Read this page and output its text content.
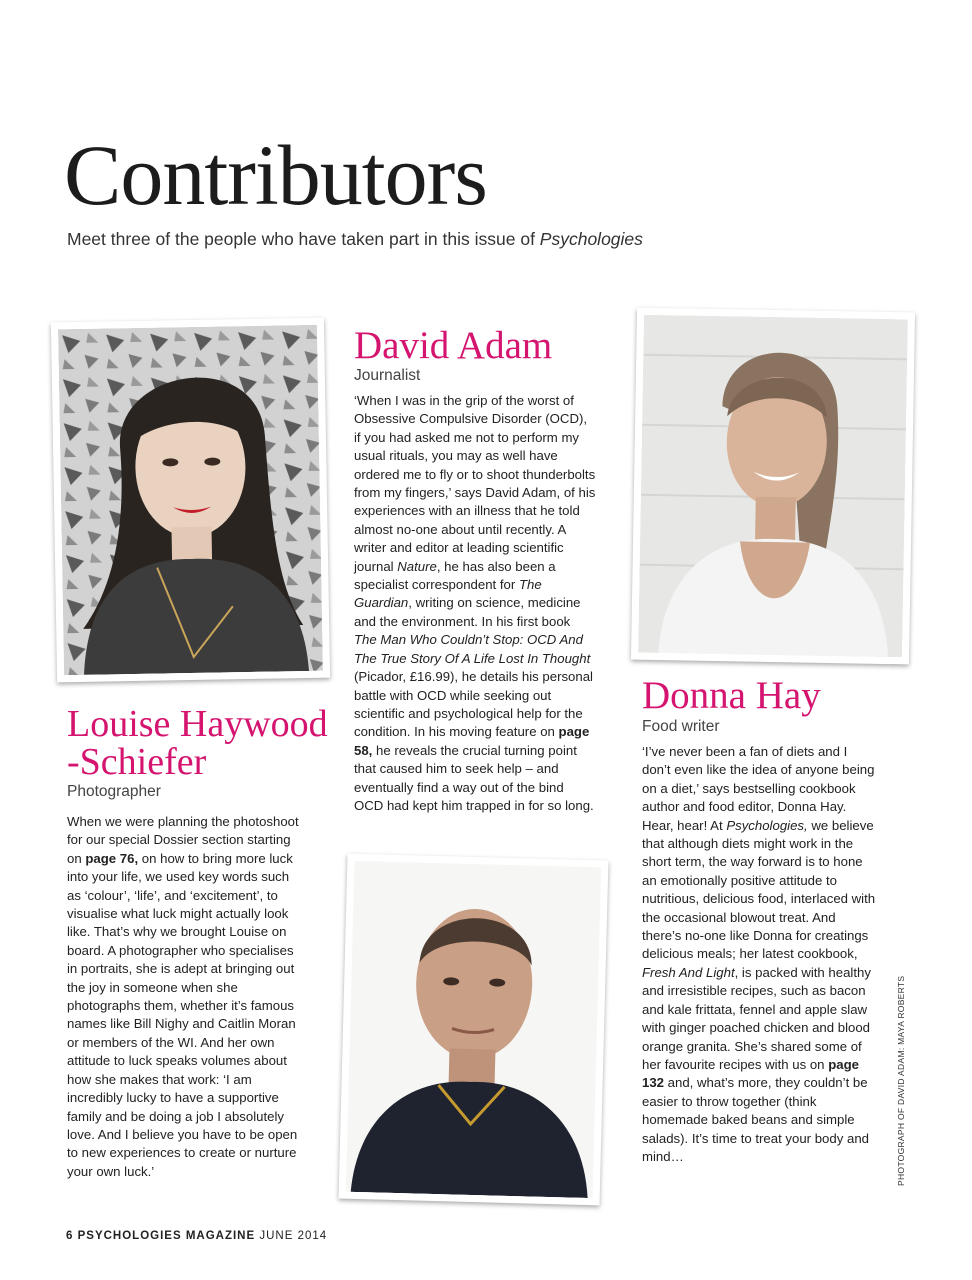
Contributors

Meet three of the people who have taken part in this issue of Psychologies

David Adam

Journalist

‘When I was in the grip of the worst of Obsessive Compulsive Disorder (OCD), if you had asked me not to perform my usual rituals, you may as well have ordered me to fly or to shoot thunderbolts from my fingers,’ says David Adam, of his experiences with an illness that he told almost no-one about until recently. A writer and editor at leading scientific journal Nature, he has also been a specialist correspondent for The Guardian, writing on science, medicine and the environment. In his first book The Man Who Couldn’t Stop: OCD And The True Story Of A Life Lost In Thought (Picador, £16.99), he details his personal battle with OCD while seeking out scientific and psychological help for the condition. In his moving feature on page 58, he reveals the crucial turning point that caused him to seek help – and eventually find a way out of the bind OCD had kept him trapped in for so long.

Louise Haywood
-Schiefer

Photographer

When we were planning the photoshoot for our special Dossier section starting on page 76, on how to bring more luck into your life, we used key words such as ‘colour’, ‘life’, and ‘excitement’, to visualise what luck might actually look like. That’s why we brought Louise on board. A photographer who specialises in portraits, she is adept at bringing out the joy in someone when she photographs them, whether it’s famous names like Bill Nighy and Caitlin Moran or members of the WI. And her own attitude to luck speaks volumes about how she makes that work: ‘I am incredibly lucky to have a supportive family and be doing a job I absolutely love. And I believe you have to be open to new experiences to create or nurture your own luck.’

Donna Hay

Food writer

‘I’ve never been a fan of diets and I don’t even like the idea of anyone being on a diet,’ says bestselling cookbook author and food editor, Donna Hay. Hear, hear! At Psychologies, we believe that although diets might work in the short term, the way forward is to hone an emotionally positive attitude to nutritious, delicious food, interlaced with the occasional blowout treat. And there’s no-one like Donna for creatings delicious meals; her latest cookbook, Fresh And Light, is packed with healthy and irresistible recipes, such as bacon and kale frittata, fennel and apple slaw with ginger poached chicken and blood orange granita. She’s shared some of her favourite recipes with us on page 132 and, what’s more, they couldn’t be easier to throw together (think homemade baked beans and simple salads). It’s time to treat your body and mind…	PHOTOGRAPH OF DAVID ADAM: MAYA ROBERTS
6 PSYCHOLOGIES MAGAZINE JUNE 2014
